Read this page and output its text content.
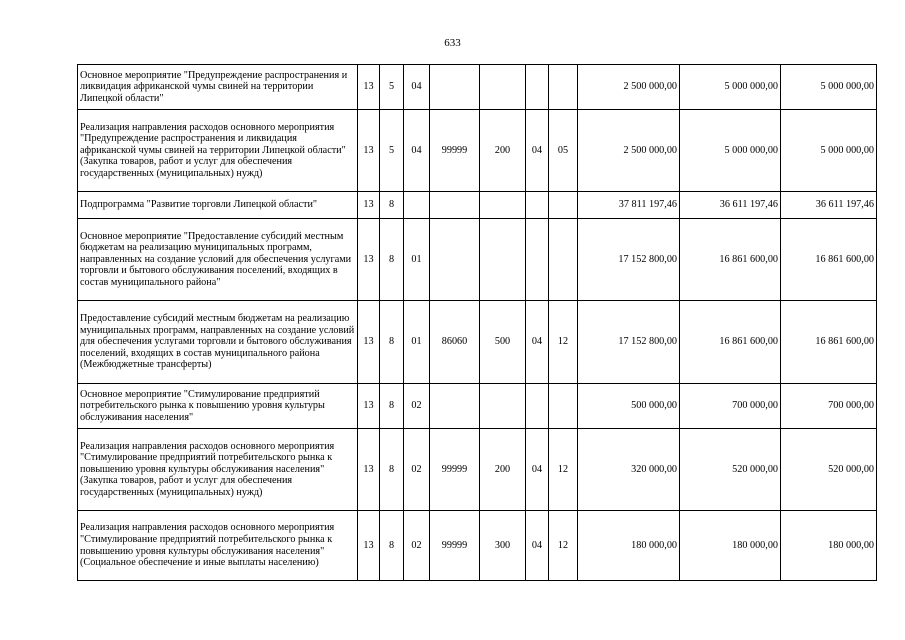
633
Основное мероприятие "Предупреждение распространения и ликвидация африканской чумы свиней на территории Липецкой области"	13	5	04					2 500 000,00	5 000 000,00	5 000 000,00
Реализация направления расходов основного мероприятия "Предупреждение распространения и ликвидация африканской чумы свиней на территории Липецкой области" (Закупка товаров, работ и услуг для обеспечения государственных (муниципальных) нужд)	13	5	04	99999	200	04	05	2 500 000,00	5 000 000,00	5 000 000,00
Подпрограмма "Развитие торговли Липецкой области"	13	8						37 811 197,46	36 611 197,46	36 611 197,46
Основное мероприятие "Предоставление субсидий местным бюджетам на реализацию муниципальных программ, направленных на создание условий для обеспечения услугами торговли и бытового обслуживания поселений, входящих в состав муниципального района"	13	8	01					17 152 800,00	16 861 600,00	16 861 600,00
Предоставление субсидий местным бюджетам на реализацию муниципальных программ, направленных на создание условий для обеспечения услугами торговли и бытового обслуживания поселений, входящих в состав муниципального района (Межбюджетные трансферты)	13	8	01	86060	500	04	12	17 152 800,00	16 861 600,00	16 861 600,00
Основное мероприятие "Стимулирование предприятий потребительского рынка к повышению уровня культуры обслуживания населения"	13	8	02					500 000,00	700 000,00	700 000,00
Реализация направления расходов основного мероприятия "Стимулирование предприятий потребительского рынка к повышению уровня культуры обслуживания населения" (Закупка товаров, работ и услуг для обеспечения государственных (муниципальных) нужд)	13	8	02	99999	200	04	12	320 000,00	520 000,00	520 000,00
Реализация направления расходов основного мероприятия "Стимулирование предприятий потребительского рынка к повышению уровня культуры обслуживания населения" (Социальное обеспечение и иные выплаты населению)	13	8	02	99999	300	04	12	180 000,00	180 000,00	180 000,00
